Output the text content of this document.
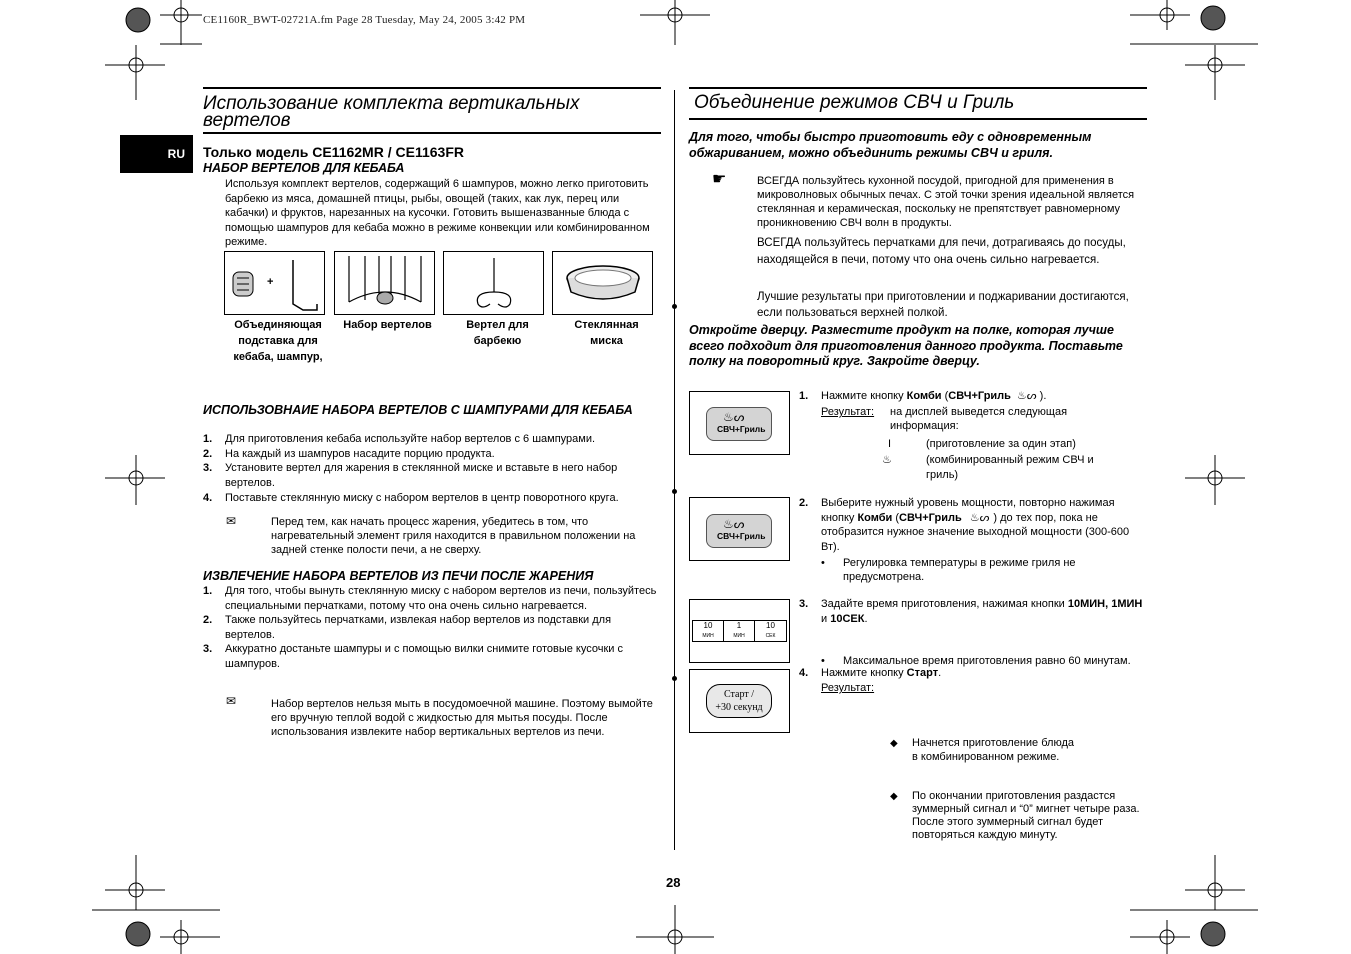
CE1160R_BWT-02721A.fm Page 28 Tuesday, May 24, 2005 3:42 PM
RU
Использование комплекта вертикальных вертелов
Только модель CE1162MR / CE1163FR
НАБОР ВЕРТЕЛОВ ДЛЯ КЕБАБА
Используя комплект вертелов, содержащий 6 шампуров, можно легко приготовить барбекю из мяса, домашней птицы, рыбы, овощей (таких, как лук, перец или кабачки) и фруктов, нарезанных на кусочки. Готовить вышеназванные блюда с помощью шампуров для кебаба можно в режиме конвекции или комбинированном режиме.
+
Объединяющая подставка для кебаба, шампур,
Набор вертелов	Вертел для барбекю
Стеклянная миска
ИСПОЛЬЗОВНАИЕ НАБОРА ВЕРТЕЛОВ С ШАМПУРАМИ ДЛЯ КЕБАБА
1. Для приготовления кебаба используйте набор вертелов с 6 шампурами.
2. На каждый из шампуров насадите порцию продукта.
3. Установите вертел для жарения в стеклянной миске и вставьте в него набор вертелов.
4. Поставьте стеклянную миску с набором вертелов в центр поворотного круга.
✉	Перед тем, как начать процесс жарения, убедитесь в том, что нагревательный элемент гриля находится в правильном положении на задней стенке полости печи, а не сверху.
ИЗВЛЕЧЕНИЕ НАБОРА ВЕРТЕЛОВ ИЗ ПЕЧИ ПОСЛЕ ЖАРЕНИЯ
1. Для того, чтобы вынуть стеклянную миску с набором вертелов из печи, пользуйтесь специальными перчатками, потому что она очень сильно нагревается.
2. Также пользуйтесь перчатками, извлекая набор вертелов из подставки для вертелов.
3. Аккуратно достаньте шампуры и с помощью вилки снимите готовые кусочки с шампуров.
✉	Набор вертелов нельзя мыть в посудомоечной машине. Поэтому вымойте его вручную теплой водой с жидкостью для мытья посуды. После использования извлеките набор вертикальных вертелов из печи.
Объединение режимов СВЧ и Гриль
Для того, чтобы быстро приготовить еду с одновременным обжариванием, можно объединить режимы СВЧ и гриля.
☛	ВСЕГДА пользуйтесь кухонной посудой, пригодной для применения в микроволновых обычных печах. С этой точки зрения идеальной является стеклянная и керамическая, поскольку не препятствует равномерному проникновению СВЧ волн в продукты.
ВСЕГДА пользуйтесь перчатками для печи, дотрагиваясь до посуды, находящейся в печи, потому что она очень сильно нагревается.
Лучшие результаты при приготовлении и поджаривании достигаются, если пользоваться верхней полкой.
Откройте дверцу. Разместите продукт на полке, которая лучше всего подходит для приготовления данного продукта. Поставьте полку на поворотный круг. Закройте дверцу.
♨ᔕ
СВЧ+Гриль
1. Нажмите кнопку Комби (СВЧ+Гриль ♨ᔕ ).
Результат: на дисплей выведется следующая информация:
I	(приготовление за один этап)
♨	(комбинированный режим СВЧ и гриль)
♨ᔕ
СВЧ+Гриль
2. Выберите нужный уровень мощности, повторно нажимая кнопку Комби (СВЧ+Гриль ♨ᔕ ) до тех пор, пока не отобразится нужное значение выходной мощности (300-600 Вт).
• Регулировка температуры в режиме гриля не предусмотрена.
10
МИН
1
МИН
10
СЕК
3. Задайте время приготовления, нажимая кнопки 10МИН, 1МИН и 10СЕК.
• Максимальное время приготовления равно 60 минутам.
Старт /
+30 секунд
4. Нажмите кнопку Старт.
Результат:
◆ Начнется приготовление блюда в комбинированном режиме.
◆ По окончании приготовления раздастся зуммерный сигнал и “0” мигнет четыре раза. После этого зуммерный сигнал будет повторяться каждую минуту.
28
